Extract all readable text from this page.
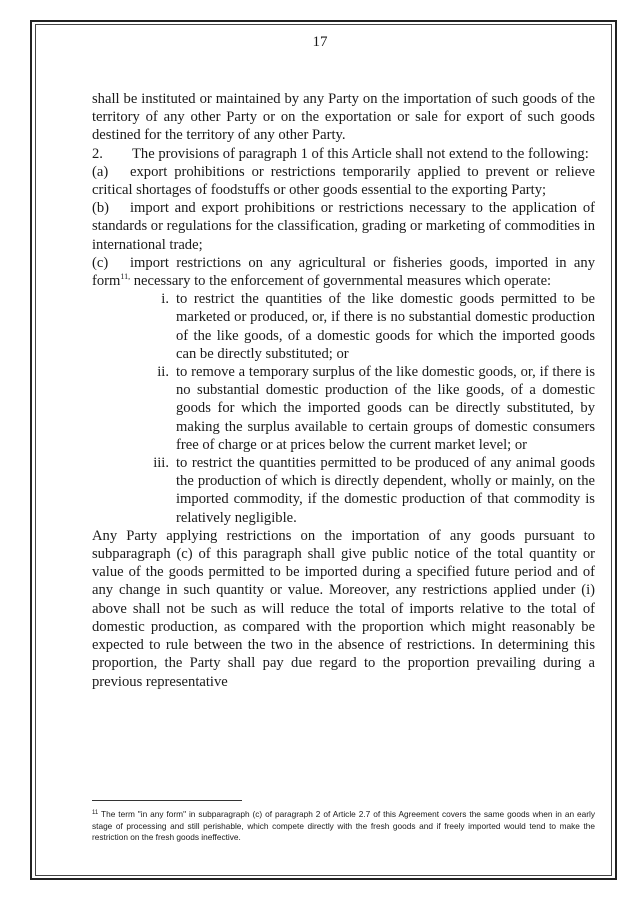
17

shall be instituted or maintained by any Party on the importation of such goods of the territory of any other Party or on the exportation or sale for export of such goods destined for the territory of any other Party.

2. The provisions of paragraph 1 of this Article shall not extend to the following:

(a) export prohibitions or restrictions temporarily applied to prevent or relieve critical shortages of foodstuffs or other goods essential to the exporting Party;

(b) import and export prohibitions or restrictions necessary to the application of standards or regulations for the classification, grading or marketing of commodities in international trade;

(c) import restrictions on any agricultural or fisheries goods, imported in any form$^{11,}$ necessary to the enforcement of governmental measures which operate:

i. to restrict the quantities of the like domestic goods permitted to be marketed or produced, or, if there is no substantial domestic production of the like goods, of a domestic goods for which the imported goods can be directly substituted; or

ii. to remove a temporary surplus of the like domestic goods, or, if there is no substantial domestic production of the like goods, of a domestic goods for which the imported goods can be directly substituted, by making the surplus available to certain groups of domestic consumers free of charge or at prices below the current market level; or

iii. to restrict the quantities permitted to be produced of any animal goods the production of which is directly dependent, wholly or mainly, on the imported commodity, if the domestic production of that commodity is relatively negligible.

Any Party applying restrictions on the importation of any goods pursuant to subparagraph (c) of this paragraph shall give public notice of the total quantity or value of the goods permitted to be imported during a specified future period and of any change in such quantity or value. Moreover, any restrictions applied under (i) above shall not be such as will reduce the total of imports relative to the total of domestic production, as compared with the proportion which might reasonably be expected to rule between the two in the absence of restrictions. In determining this proportion, the Party shall pay due regard to the proportion prevailing during a previous representative

$^{11}$ The term "in any form" in subparagraph (c) of paragraph 2 of Article 2.7 of this Agreement covers the same goods when in an early stage of processing and still perishable, which compete directly with the fresh goods and if freely imported would tend to make the restriction on the fresh goods ineffective.
